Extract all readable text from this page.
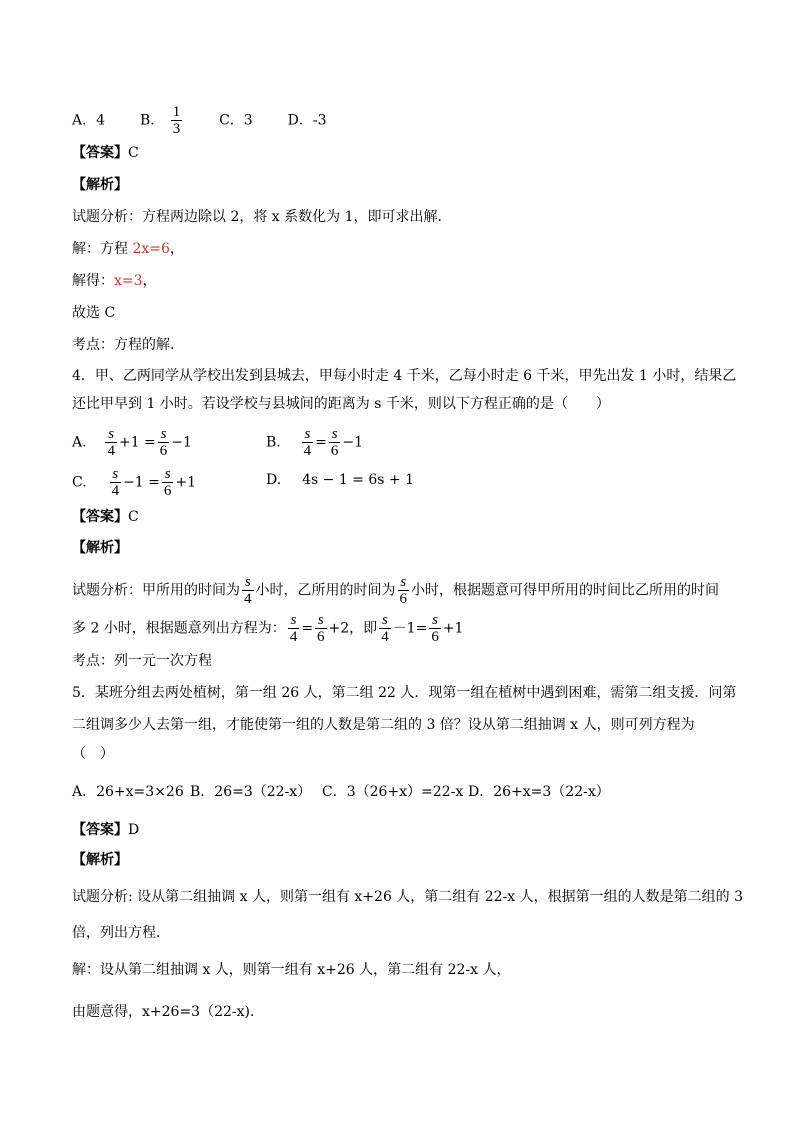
A．4 B． $\frac{1}{3}$	C．3 D．-3
【答案】C
【解析】
试题分析：方程两边除以 2，将 x 系数化为 1，即可求出解．
解：方程 2x=6，
解得：x=3，
故选 C
考点：方程的解．
4．甲、乙两同学从学校出发到县城去，甲每小时走 4 千米，乙每小时走 6 千米，甲先出发 1 小时，结果乙
还比甲早到 1 小时。若设学校与县城间的距离为 s 千米，则以下方程正确的是（　　）
A. $\frac{s}{4} +1 = \frac{s}{6} -1$	B. $\frac{s}{4} = \frac{s}{6} -1$
C. $\frac{s}{4} -1 = \frac{s}{6} +1$	D. 4s − 1 = 6s + 1
【答案】C
【解析】
试题分析：甲所用的时间为 $\frac{s}{4}$ 小时，乙所用的时间为 $\frac{s}{6}$ 小时，根据题意可得甲所用的时间比乙所用的时间
多 2 小时，根据题意列出方程为： $\frac{s}{4} = \frac{s}{6} +2$，即 $\frac{s}{4} -1= \frac{s}{6} +1$
考点：列一元一次方程
5．某班分组去两处植树，第一组 26 人，第二组 22 人．现第一组在植树中遇到困难，需第二组支援．问第
二组调多少人去第一组，才能使第一组的人数是第二组的 3 倍？设从第二组抽调 x 人，则可列方程为
（　）
A．26+x=3×26 B．26=3（22-x） C．3（26+x）=22-x D．26+x=3（22-x）
【答案】D
【解析】
试题分析: 设从第二组抽调 x 人，则第一组有 x+26 人，第二组有 22-x 人，根据第一组的人数是第二组的 3
倍，列出方程．
解：设从第二组抽调 x 人，则第一组有 x+26 人，第二组有 22-x 人，
由题意得，x+26=3（22-x)．
